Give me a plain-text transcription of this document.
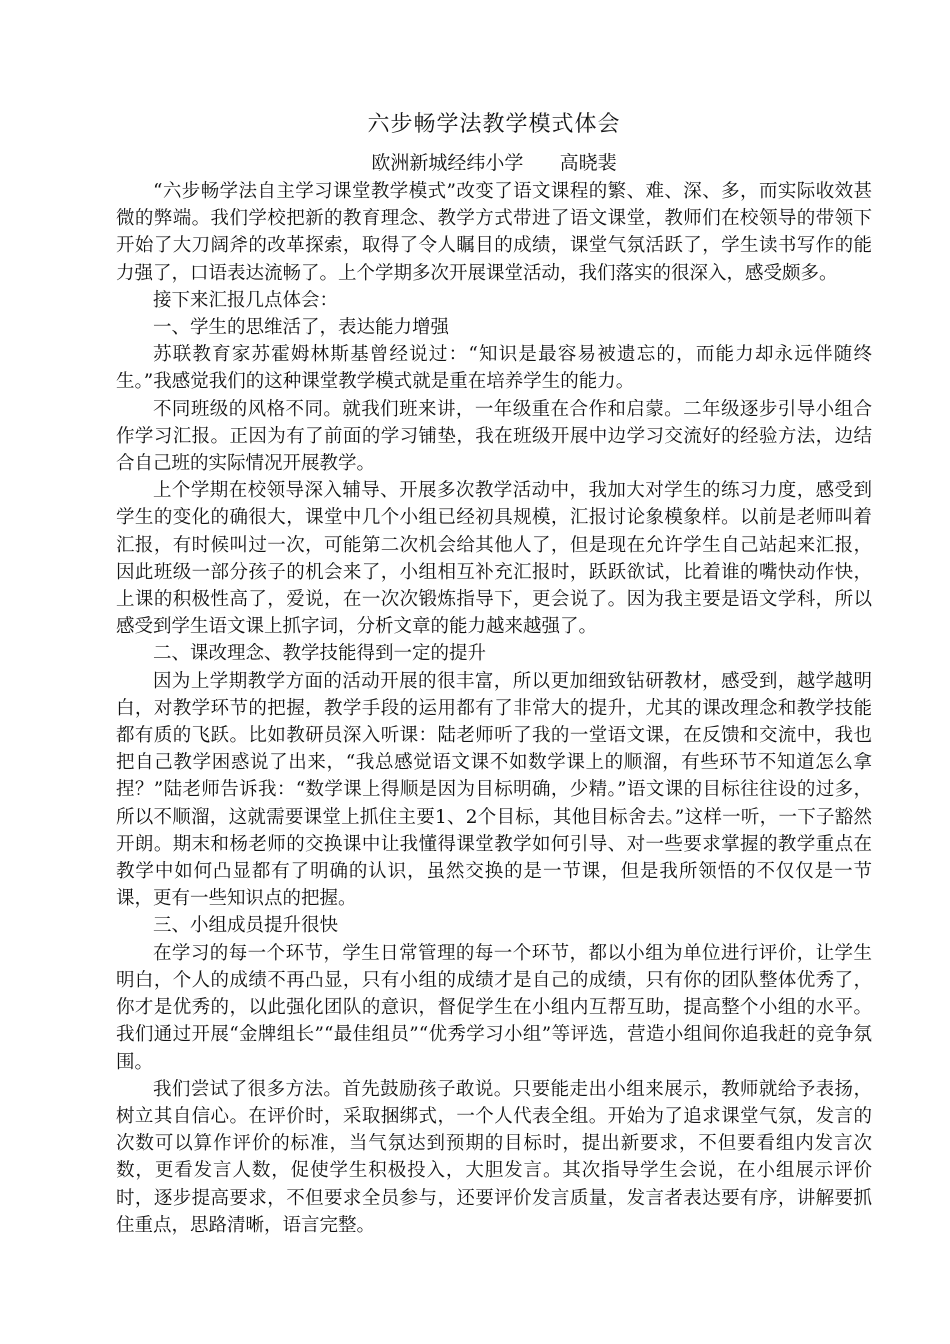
六步畅学法教学模式体会

欧洲新城经纬小学      高晓裴

“六步畅学法自主学习课堂教学模式”改变了语文课程的繁、难、深、多，而实际收效甚微的弊端。我们学校把新的教育理念、教学方式带进了语文课堂，教师们在校领导的带领下开始了大刀阔斧的改革探索，取得了令人瞩目的成绩，课堂气氛活跃了，学生读书写作的能力强了，口语表达流畅了。上个学期多次开展课堂活动，我们落实的很深入，感受颇多。

接下来汇报几点体会：

一、学生的思维活了，表达能力增强

苏联教育家苏霍姆林斯基曾经说过：“知识是最容易被遗忘的，而能力却永远伴随终生。”我感觉我们的这种课堂教学模式就是重在培养学生的能力。

不同班级的风格不同。就我们班来讲，一年级重在合作和启蒙。二年级逐步引导小组合作学习汇报。正因为有了前面的学习铺垫，我在班级开展中边学习交流好的经验方法，边结合自己班的实际情况开展教学。

上个学期在校领导深入辅导、开展多次教学活动中，我加大对学生的练习力度，感受到学生的变化的确很大，课堂中几个小组已经初具规模，汇报讨论象模象样。以前是老师叫着汇报，有时候叫过一次，可能第二次机会给其他人了，但是现在允许学生自己站起来汇报，因此班级一部分孩子的机会来了，小组相互补充汇报时，跃跃欲试，比着谁的嘴快动作快，上课的积极性高了，爱说，在一次次锻炼指导下，更会说了。因为我主要是语文学科，所以感受到学生语文课上抓字词，分析文章的能力越来越强了。

二、课改理念、教学技能得到一定的提升

因为上学期教学方面的活动开展的很丰富，所以更加细致钻研教材，感受到，越学越明白，对教学环节的把握，教学手段的运用都有了非常大的提升，尤其的课改理念和教学技能都有质的飞跃。比如教研员深入听课：陆老师听了我的一堂语文课，在反馈和交流中，我也把自己教学困惑说了出来，“我总感觉语文课不如数学课上的顺溜，有些环节不知道怎么拿捏？”陆老师告诉我：“数学课上得顺是因为目标明确，少精。”语文课的目标往往设的过多，所以不顺溜，这就需要课堂上抓住主要1、2个目标，其他目标舍去。”这样一听，一下子豁然开朗。期末和杨老师的交换课中让我懂得课堂教学如何引导、对一些要求掌握的教学重点在教学中如何凸显都有了明确的认识，虽然交换的是一节课，但是我所领悟的不仅仅是一节课，更有一些知识点的把握。

三、小组成员提升很快

在学习的每一个环节，学生日常管理的每一个环节，都以小组为单位进行评价，让学生明白，个人的成绩不再凸显，只有小组的成绩才是自己的成绩，只有你的团队整体优秀了，你才是优秀的，以此强化团队的意识，督促学生在小组内互帮互助，提高整个小组的水平。我们通过开展“金牌组长”“最佳组员”“优秀学习小组”等评选，营造小组间你追我赶的竞争氛围。

我们尝试了很多方法。首先鼓励孩子敢说。只要能走出小组来展示，教师就给予表扬，树立其自信心。在评价时，采取捆绑式，一个人代表全组。开始为了追求课堂气氛，发言的次数可以算作评价的标准，当气氛达到预期的目标时，提出新要求，不但要看组内发言次数，更看发言人数，促使学生积极投入，大胆发言。其次指导学生会说，在小组展示评价时，逐步提高要求，不但要求全员参与，还要评价发言质量，发言者表达要有序，讲解要抓住重点，思路清晰，语言完整。
